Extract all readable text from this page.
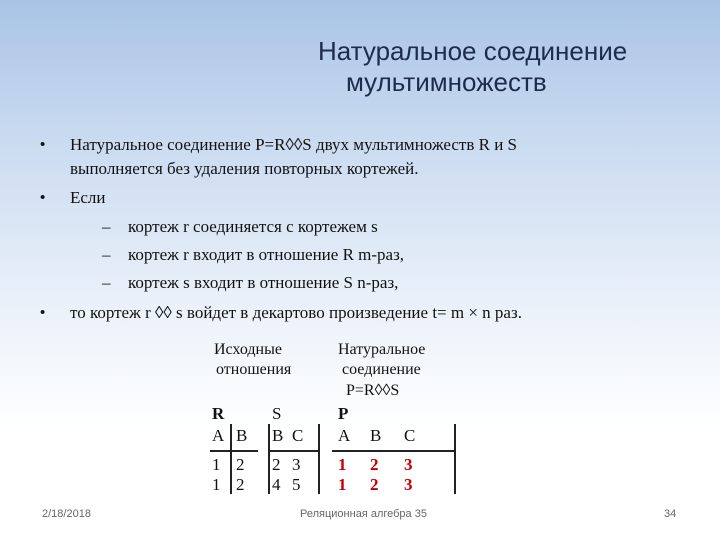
Натуральное соединение
мультимножеств
• Натуральное соединение P=R◊◊S двух мультимножеств R и S
выполняется без удаления повторных кортежей.
• Если
– кортеж r соединяется с кортежем s
– кортеж r входит в отношение R m-раз,
– кортеж s входит в отношение S n-раз,
• то кортеж r ◊◊ s войдет в декартово произведение t= m × n раз.
Исходные
отношения
Натуральное
соединение
P=R◊◊S
R	S	P
A B
1 2
1 2
B C
2 3
4 5
A B C
1 2 3
1 2 3
2/18/2018	Реляционная алгебра 35	34
